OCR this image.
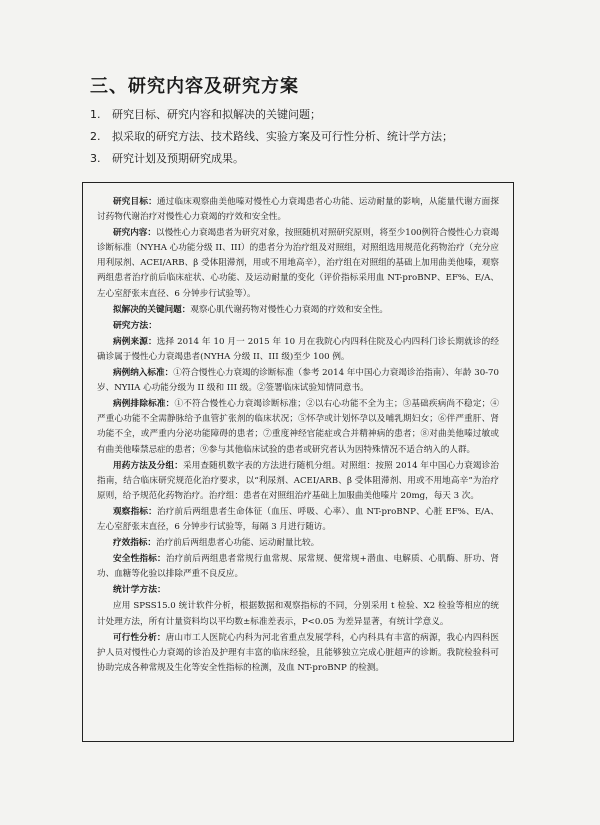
三、研究内容及研究方案
1. 研究目标、研究内容和拟解决的关键问题；
2. 拟采取的研究方法、技术路线、实验方案及可行性分析、统计学方法；
3. 研究计划及预期研究成果。

研究目标：通过临床观察曲美他嗪对慢性心力衰竭患者心功能、运动耐量的影响，从能量代谢方面探讨药物代谢治疗对慢性心力衰竭的疗效和安全性。

研究内容：以慢性心力衰竭患者为研究对象，按照随机对照研究原则，将至少100例符合慢性心力衰竭诊断标准（NYHA 心功能分级 II、III）的患者分为治疗组及对照组，对照组选用规范化药物治疗（充分应用利尿剂、ACEI/ARB、β 受体阻滞剂，用或不用地高辛），治疗组在对照组的基础上加用曲美他嗪，观察两组患者治疗前后临床症状、心功能、及运动耐量的变化（评价指标采用血 NT-proBNP、EF%、E/A、左心室舒张末直径、6 分钟步行试验等）。

拟解决的关键问题：观察心肌代谢药物对慢性心力衰竭的疗效和安全性。

研究方法：

病例来源：选择 2014 年 10 月一 2015 年 10 月在我院心内四科住院及心内四科门诊长期就诊的经确诊属于慢性心力衰竭患者(NYHA 分级 II、III 级)至少 100 例。

病例纳入标准：①符合慢性心力衰竭的诊断标准（参考 2014 年中国心力衰竭诊治指南）、年龄 30-70 岁、NYIIA 心功能分级为 II 级和 III 级。②签署临床试验知情同意书。

病例排除标准：①不符合慢性心力衰竭诊断标准；②以右心功能不全为主；③基础疾病尚不稳定；④严重心功能不全需静脉给予血管扩张剂的临床状况；⑤怀孕或计划怀孕以及哺乳期妇女；⑥伴严重肝、肾功能不全，或严重内分泌功能障碍的患者；⑦重度神经官能症或合并精神病的患者；⑧对曲美他嗪过敏或有曲美他嗪禁忌症的患者；⑨参与其他临床试验的患者或研究者认为因特殊情况不适合纳入的人群。

用药方法及分组：采用查随机数字表的方法进行随机分组。对照组：按照 2014 年中国心力衰竭诊治指南，结合临床研究规范化治疗要求，以“利尿剂、ACEI/ARB、β 受体阻滞剂、用或不用地高辛”为治疗原则，给予规范化药物治疗。治疗组：患者在对照组治疗基础上加服曲美他嗪片 20mg，每天 3 次。

观察指标：治疗前后两组患者生命体征（血压、呼吸、心率）、血 NT-proBNP、心脏 EF%、E/A、左心室舒张末直径，6 分钟步行试验等，每隔 3 月进行随访。

疗效指标：治疗前后两组患者心功能、运动耐量比较。

安全性指标：治疗前后两组患者常规行血常规、尿常规、便常规+潜血、电解质、心肌酶、肝功、肾功、血糖等化验以排除严重不良反应。

统计学方法：

应用 SPSS15.0 统计软件分析，根据数据和观察指标的不同，分别采用 t 检验、X2 检验等相应的统计处理方法，所有计量资料均以平均数±标准差表示，P<0.05 为差异显著，有统计学意义。

可行性分析：唐山市工人医院心内科为河北省重点发展学科，心内科具有丰富的病源，我心内四科医护人员对慢性心力衰竭的诊治及护理有丰富的临床经验，且能够独立完成心脏超声的诊断。我院检验科可协助完成各种常规及生化等安全性指标的检测，及血 NT-proBNP 的检测。
